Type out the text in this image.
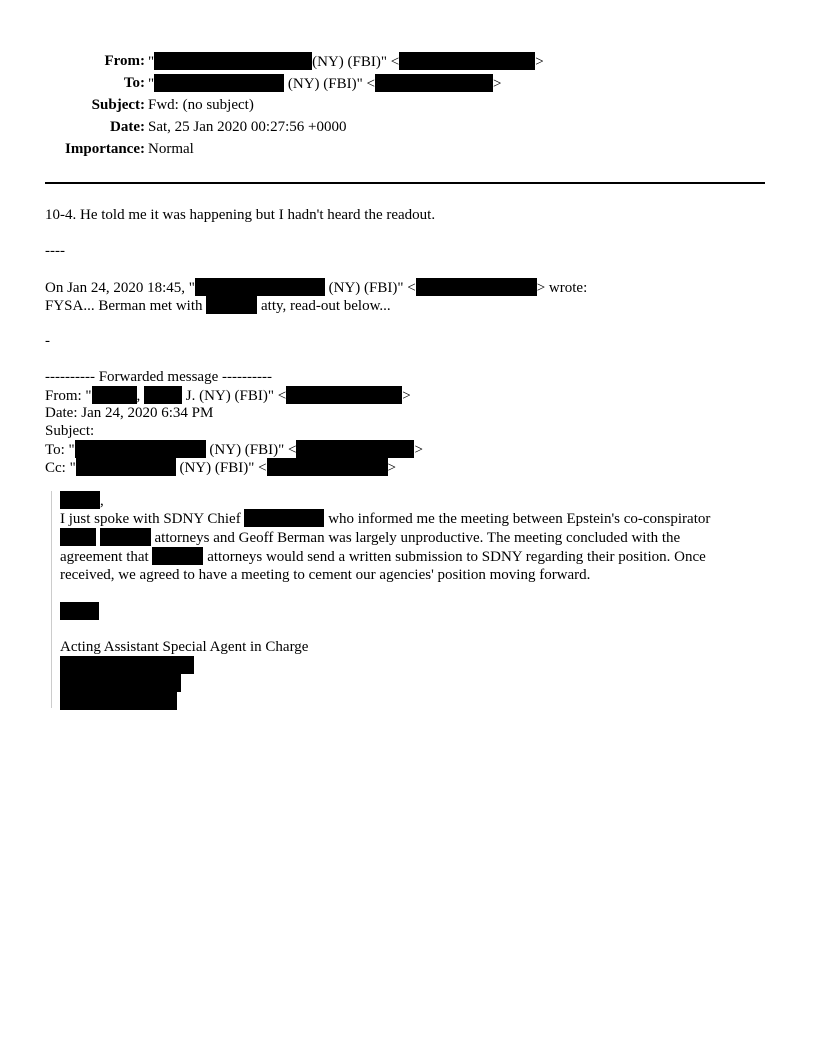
From: "	(NY) (FBI)" <	>
To: "	(NY) (FBI)" <	>
Subject: Fwd: (no subject)
Date: Sat, 25 Jan 2020 00:27:56 +0000
Importance: Normal
10-4. He told me it was happening but I hadn't heard the readout.
----
On Jan 24, 2020 18:45, "	(NY) (FBI)" <	> wrote:
FYSA... Berman met with	atty, read-out below...
-
---------- Forwarded message ----------
From: "	,	J. (NY) (FBI)" <	>
Date: Jan 24, 2020 6:34 PM
Subject:
To: "	(NY) (FBI)" <	>
Cc: "	(NY) (FBI)" <	>
,
I just spoke with SDNY Chief	who informed me the meeting between Epstein's co-conspirator
attorneys and Geoff Berman was largely unproductive. The meeting concluded with the
agreement that	attorneys would send a written submission to SDNY regarding their position. Once
received, we agreed to have a meeting to cement our agencies' position moving forward.
Acting Assistant Special Agent in Charge
